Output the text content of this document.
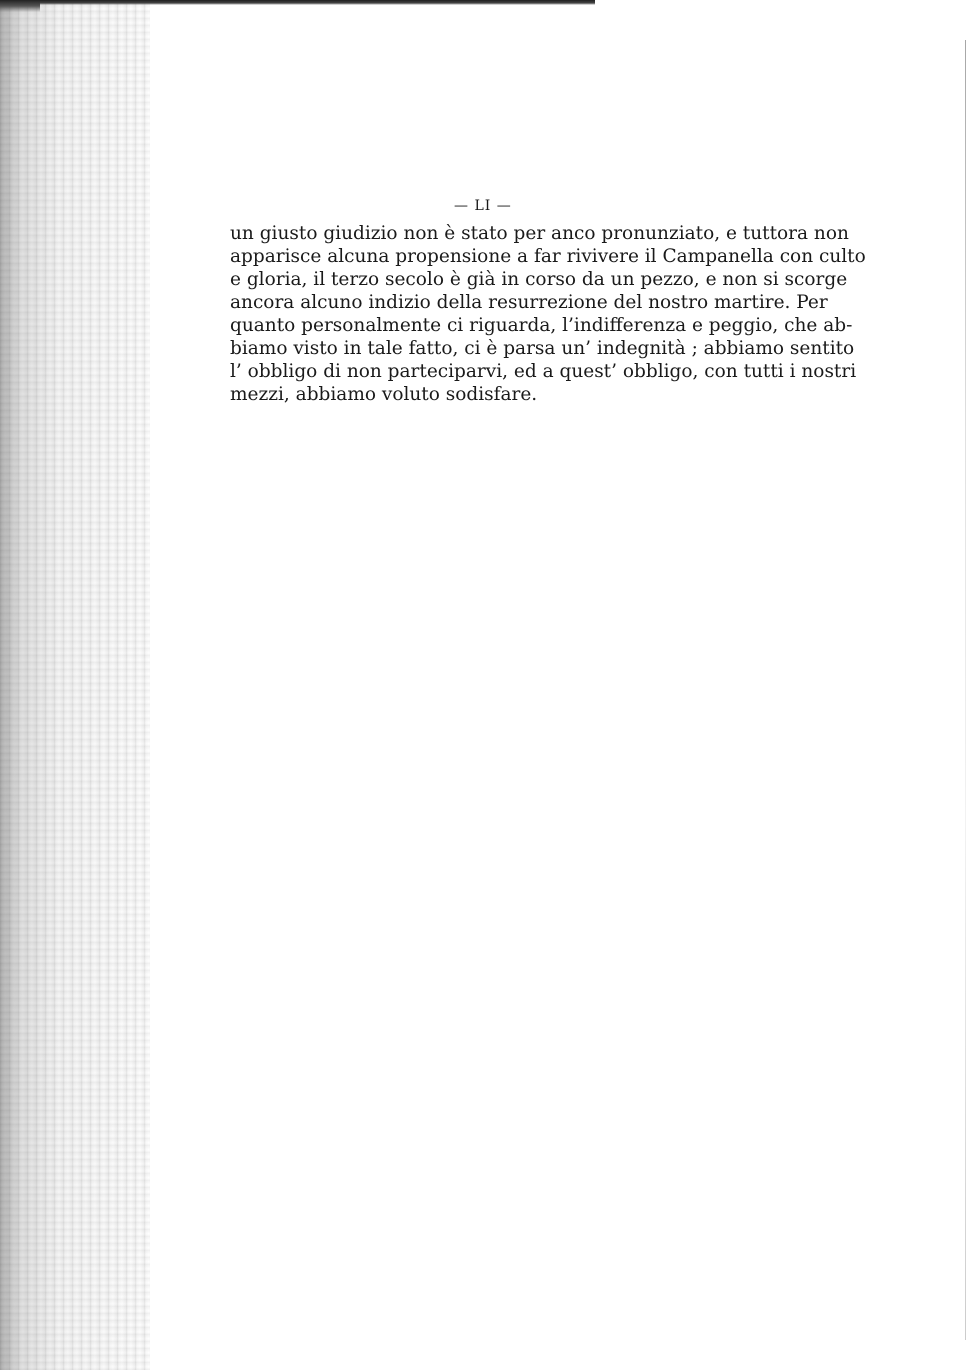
— LI —

un giusto giudizio non è stato per anco pronunziato, e tuttora non
apparisce alcuna propensione a far rivivere il Campanella con culto
e gloria, il terzo secolo è già in corso da un pezzo, e non si scorge
ancora alcuno indizio della resurrezione del nostro martire. Per
quanto personalmente ci riguarda, l’indifferenza e peggio, che ab-
biamo visto in tale fatto, ci è parsa un’ indegnità ; abbiamo sentito
l’ obbligo di non parteciparvi, ed a quest’ obbligo, con tutti i nostri
mezzi, abbiamo voluto sodisfare.
